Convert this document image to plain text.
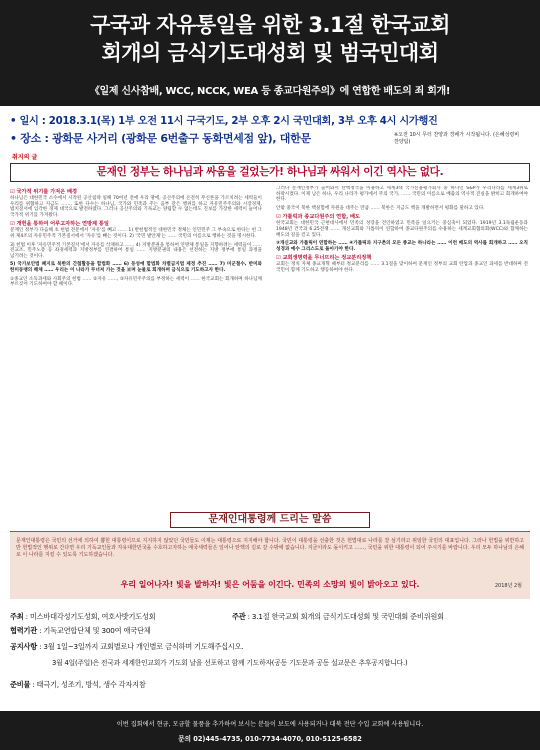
구국과 자유통일을 위한 3.1절 한국교회
회개의 금식기도대성회 및 범국민대회
《일제 신사참배, WCC, NCCK, WEA 등 종교다원주의》에 연합한 배도의 죄 회개!
• 일시 : 2018.3.1(목) 1부 오전 11시 구국기도, 2부 오후 2시 국민대회, 3부 오후 4시 시가행진
• 장소 : 광화문 사거리 (광화문 6번출구 동화면세점 앞), 대한문	※오전 10시 무터 찬양과 경배가 시작됩니다. (은혜성령비 찬양팀)
취지의 글
문재인 정부는 하나님과 싸움을 걸었는가! 하나님과 싸워서 이긴 역사는 없다.
☑ 국가적 위기를 가져온 배경
하나님은 대한민국 소수에서 시작된 공산침략 일해 70여년 전에 우리 땅에, 공산주의에 온전히 무신론을 가르치려는 세력들이 우리를 위협하고 지금도 ……, 또한 다수는 하나님, 국가와 민족과 주는 음부 같은 행위를 하고 자유민주주의와 시장경제, 법치질서에 입각한 경제 대국으로 발전하였다. 그러나 공산주의와 기독교는 양립할 수 없는데도 진보를 가장한 세력이 늘어나 국가적 위기를 가져왔다.
☑ 개헌을 통하여 어루고자하는 연방제 통일
문재인 정부가 다음해 초 헌법 전문에서 '자유'를 빼고 …… 1) 반헌법적인 대한민국 정체는 인민민주 그 부속으로 한다는 헌 그 위 제4조의 자유민주적 기본질서에서 '자유'를 빼는 것이다. 2) '국민 발안제'는 …… 국민의 이름으로 행하는 것을 명시한다.
3) 헌법 이후 '자유민주적 기본질서'에서 자유를 삭제하고 …… 4) 지방분권을 통하여 연방제 통일을 지향하려는 세력들이 …… 전교조, 민주노총 등 좌경세력과 지방정부를 연결하여 통일 …… 지방분권의 내용은 선전하는 지방 정부에 통일 과정을 넘기려는 것이다.
5) 국가보안법 폐지로 북한의 간첩활동을 합법화 …… 6) 동성애 합법화 차별금지법 제정 추진 …… 7) 미군철수, 반미와 한미동맹의 해체 …… 우리는 이 나라가 무너져 가는 것을 보며 눈물로 회개하며 금식으로 기도하고자 한다.
①종교인 소득과세와 사회주의 헌법 …… ②자유 ……, ③자유민주주의를 부정하는 세력이 …… 한국교회는 회개하며 하나님께 부르짖어 기도하여야 할 때이다.
그러나 문재인정부가 들어와서 탄핵정국을 이용하고 세계3대 국가신용평가회사 중 하나인 S&P가 우리나라를 세계3위로 하락시켰다. 이제 남은 하나, 우리 나라가 평가에서 주의 국가, …… 국민의 이름으로 배출의 역사적 진실을 밝히고 회개하여야 한다.
안팎 중국이 북한 핵실험에 자원을 대주는 만큼 …… 북한은 지금도 핵을 개발하면서 평화를 말하고 있다.
☑ 가톨릭과 종교다원주의 연합, 배도
한국교회는 대한민국 근현대사에서 민족의 성장을 견인하였고 민족을 일으키는 중심축이 되었다. 1919년 3.1독립운동과 1948년 건국과 6.25전쟁 …… 개신교회와 가톨릭이 연합하여 종교다원주의를 수용하는 세계교회협의회(WCC)와 함께하는 배도의 길을 걷고 있다.
③개신교와 가톨릭이 연합하는 …… ④가톨릭과 지구촌의 모든 종교는 하나라는 …… 이런 배도의 역사를 회개하고 …… 오직 성경과 예수 그리스도로 돌아가야 한다.
☑ 교회생명력을 무너뜨리는 정교분리정책
교회는 정치 자체 종교개혁 때부터 정교분리를 …… 3.1절을 맞이하여 문재인 정부의 교회 탄압과 종교인 과세를 반대하며 전 국민이 함께 기도하고 행동하여야 한다.
문재인대통령께 드리는 말씀
문재인대통령은 국민의 선거에 의하여 뽑힌 대통령이므로 지지하지 않았던 국민들도 이제는 대통령으로 지지해야 합니다. 국민이 대통령을 선출한 것은 헌법대로 나라를 잘 섬기라고 위임한 국민의 대표입니다. 그러나 헌법을 위반하고 반 헌법적인 행위로 간다면 우리 기독교인들과 자유대한민국을 수호하고자하는 애국세력들은 일어나 탄핵의 길로 갈 수밖에 없습니다. 지금이라도 돌이키고 ……, 국민을 위한 대통령이 되어 주시기를 바랍니다. 우리 모두 하나님의 은혜로 이 나라를 지킬 수 있도록 기도하겠습니다.
우리 일어나자! 빛을 발하자! 빛은 어둠을 이긴다. 민족의 소망의 빛이 밝아오고 있다.	2018년 2월
주최 : 미스바대각성기도성회, 여호사밧기도성회	주관 : 3.1절 한국교회 회개의 금식기도대성회 및 국민대회 준비위원회
협력기관 : 기독교연합단체 및 300여 애국단체
공지사항 : 3월 1일~3일까지 교회별로나 개인별로 금식하며 기도해주십시오.
3월 4일(주일)은 전국과 세계한인교회가 기도회 날을 선포하고 함께 기도하자(공동 기도문과 공동 설교문은 추후공지합니다.)
준비물 : 태극기, 성조기, 방석, 생수 각자지참
이번 집회에서 현금, 모금할 물품을 추가하여 보시는 분들이 보도에 사용되거나 대북 전단 수입 교회에 사용됩니다.
문의 02)445-4735, 010-7734-4070, 010-5125-6582
